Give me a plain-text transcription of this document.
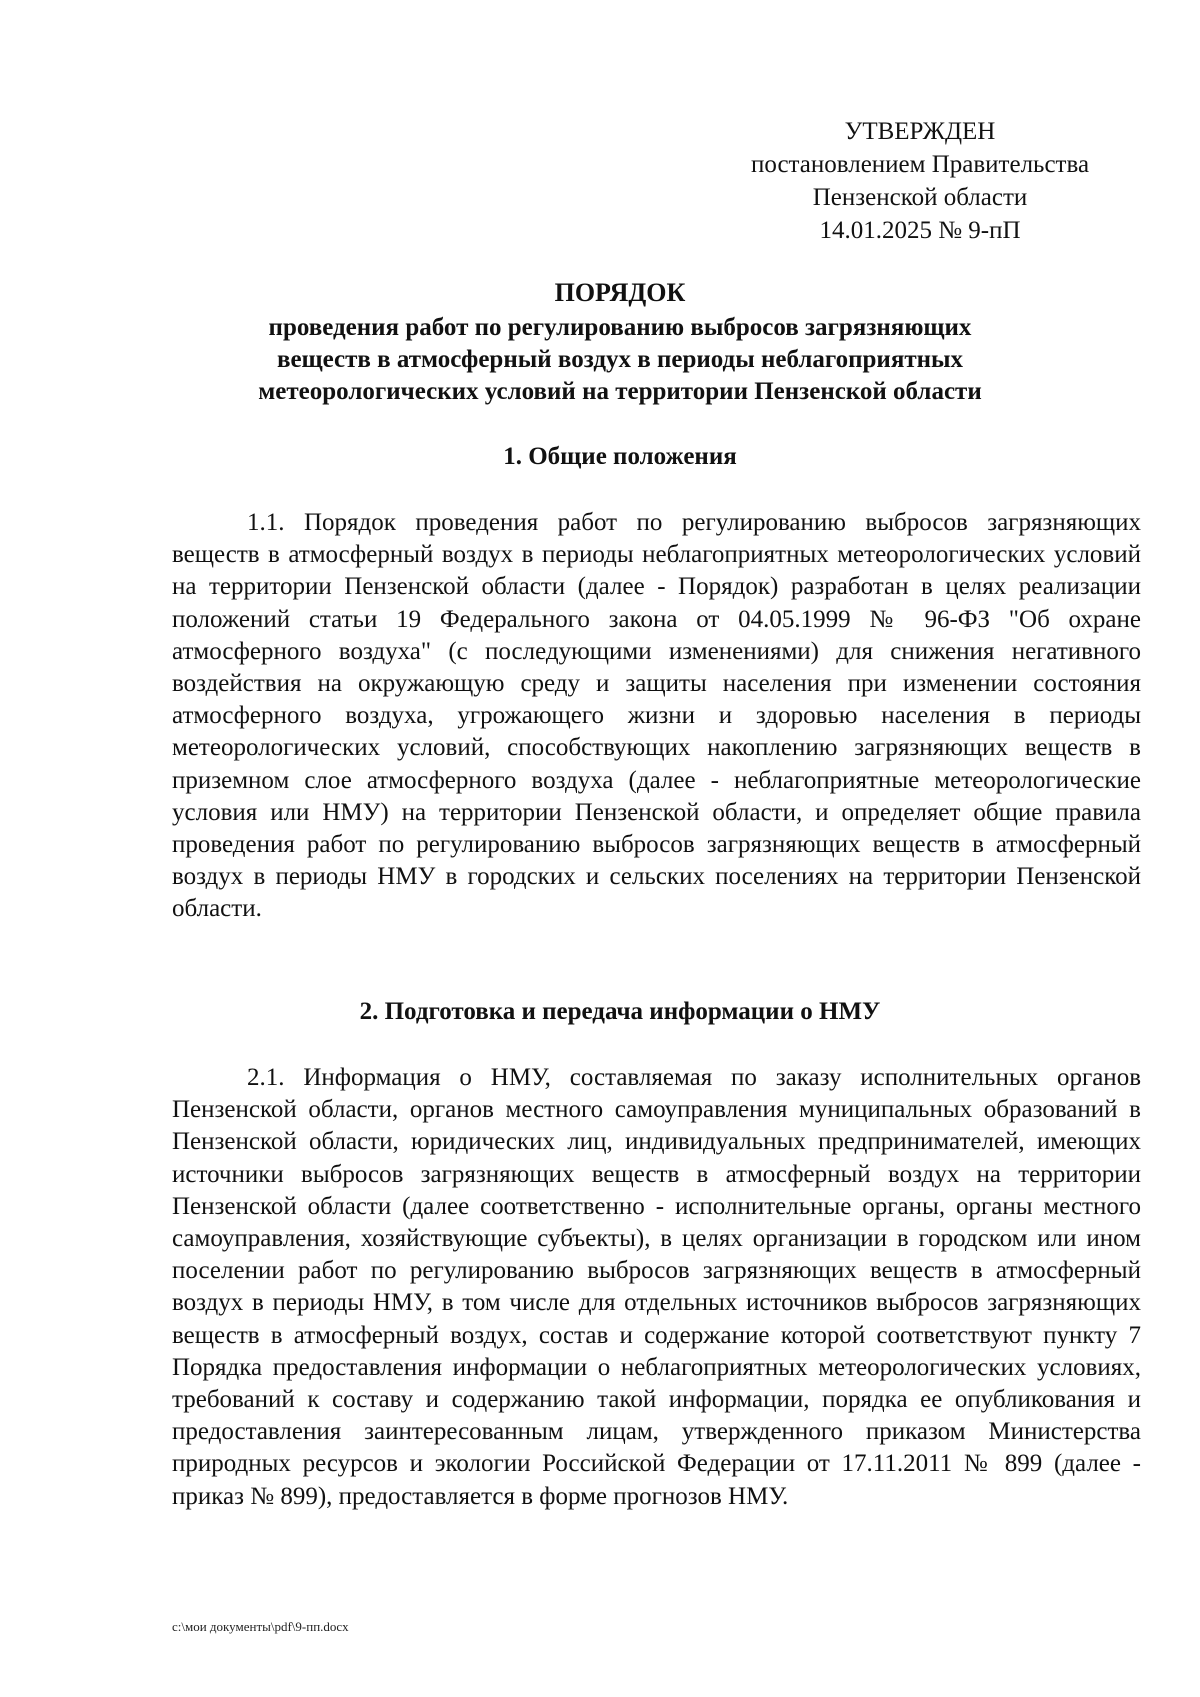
УТВЕРЖДЕН
постановлением Правительства
Пензенской области
14.01.2025 № 9-пП
ПОРЯДОК
проведения работ по регулированию выбросов загрязняющих
веществ в атмосферный воздух в периоды неблагоприятных
метеорологических условий на территории Пензенской области
1. Общие положения
1.1. Порядок проведения работ по регулированию выбросов загрязняющих веществ в атмосферный воздух в периоды неблагоприятных метеорологических условий на территории Пензенской области (далее - Порядок) разработан в целях реализации положений статьи 19 Федерального закона от 04.05.1999 № 96-ФЗ "Об охране атмосферного воздуха" (с последующими изменениями) для снижения негативного воздействия на окружающую среду и защиты населения при изменении состояния атмосферного воздуха, угрожающего жизни и здоровью населения в периоды метеорологических условий, способствующих накоплению загрязняющих веществ в приземном слое атмосферного воздуха (далее - неблагоприятные метеорологические условия или НМУ) на территории Пензенской области, и определяет общие правила проведения работ по регулированию выбросов загрязняющих веществ в атмосферный воздух в периоды НМУ в городских и сельских поселениях на территории Пензенской области.
2. Подготовка и передача информации о НМУ
2.1. Информация о НМУ, составляемая по заказу исполнительных органов Пензенской области, органов местного самоуправления муниципальных образований в Пензенской области, юридических лиц, индивидуальных предпринимателей, имеющих источники выбросов загрязняющих веществ в атмосферный воздух на территории Пензенской области (далее соответственно - исполнительные органы, органы местного самоуправления, хозяйствующие субъекты), в целях организации в городском или ином поселении работ по регулированию выбросов загрязняющих веществ в атмосферный воздух в периоды НМУ, в том числе для отдельных источников выбросов загрязняющих веществ в атмосферный воздух, состав и содержание которой соответствуют пункту 7 Порядка предоставления информации о неблагоприятных метеорологических условиях, требований к составу и содержанию такой информации, порядка ее опубликования и предоставления заинтересованным лицам, утвержденного приказом Министерства природных ресурсов и экологии Российской Федерации от 17.11.2011 № 899 (далее - приказ № 899), предоставляется в форме прогнозов НМУ.
c:\мои документы\pdf\9-пп.docx
